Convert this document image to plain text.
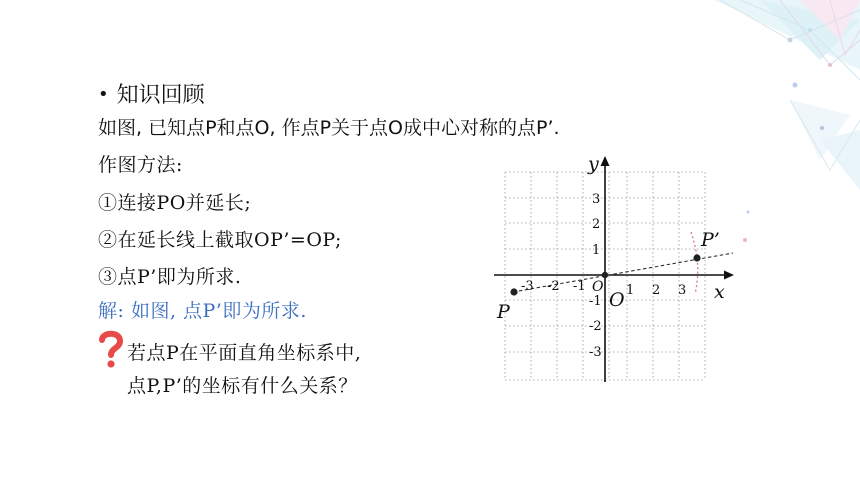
• 知识回顾
如图, 已知点P和点O, 作点P关于点O成中心对称的点P’.
作图方法:
①连接PO并延长;
②在延长线上截取OP’=OP;
③点P’即为所求.
解: 如图, 点P’即为所求.
若点P在平面直角坐标系中,
点P,P’的坐标有什么关系？
y
x
P
P’
O
O
-3 -2 -1	1 2 3
3
2
1
-1
-2
-3
